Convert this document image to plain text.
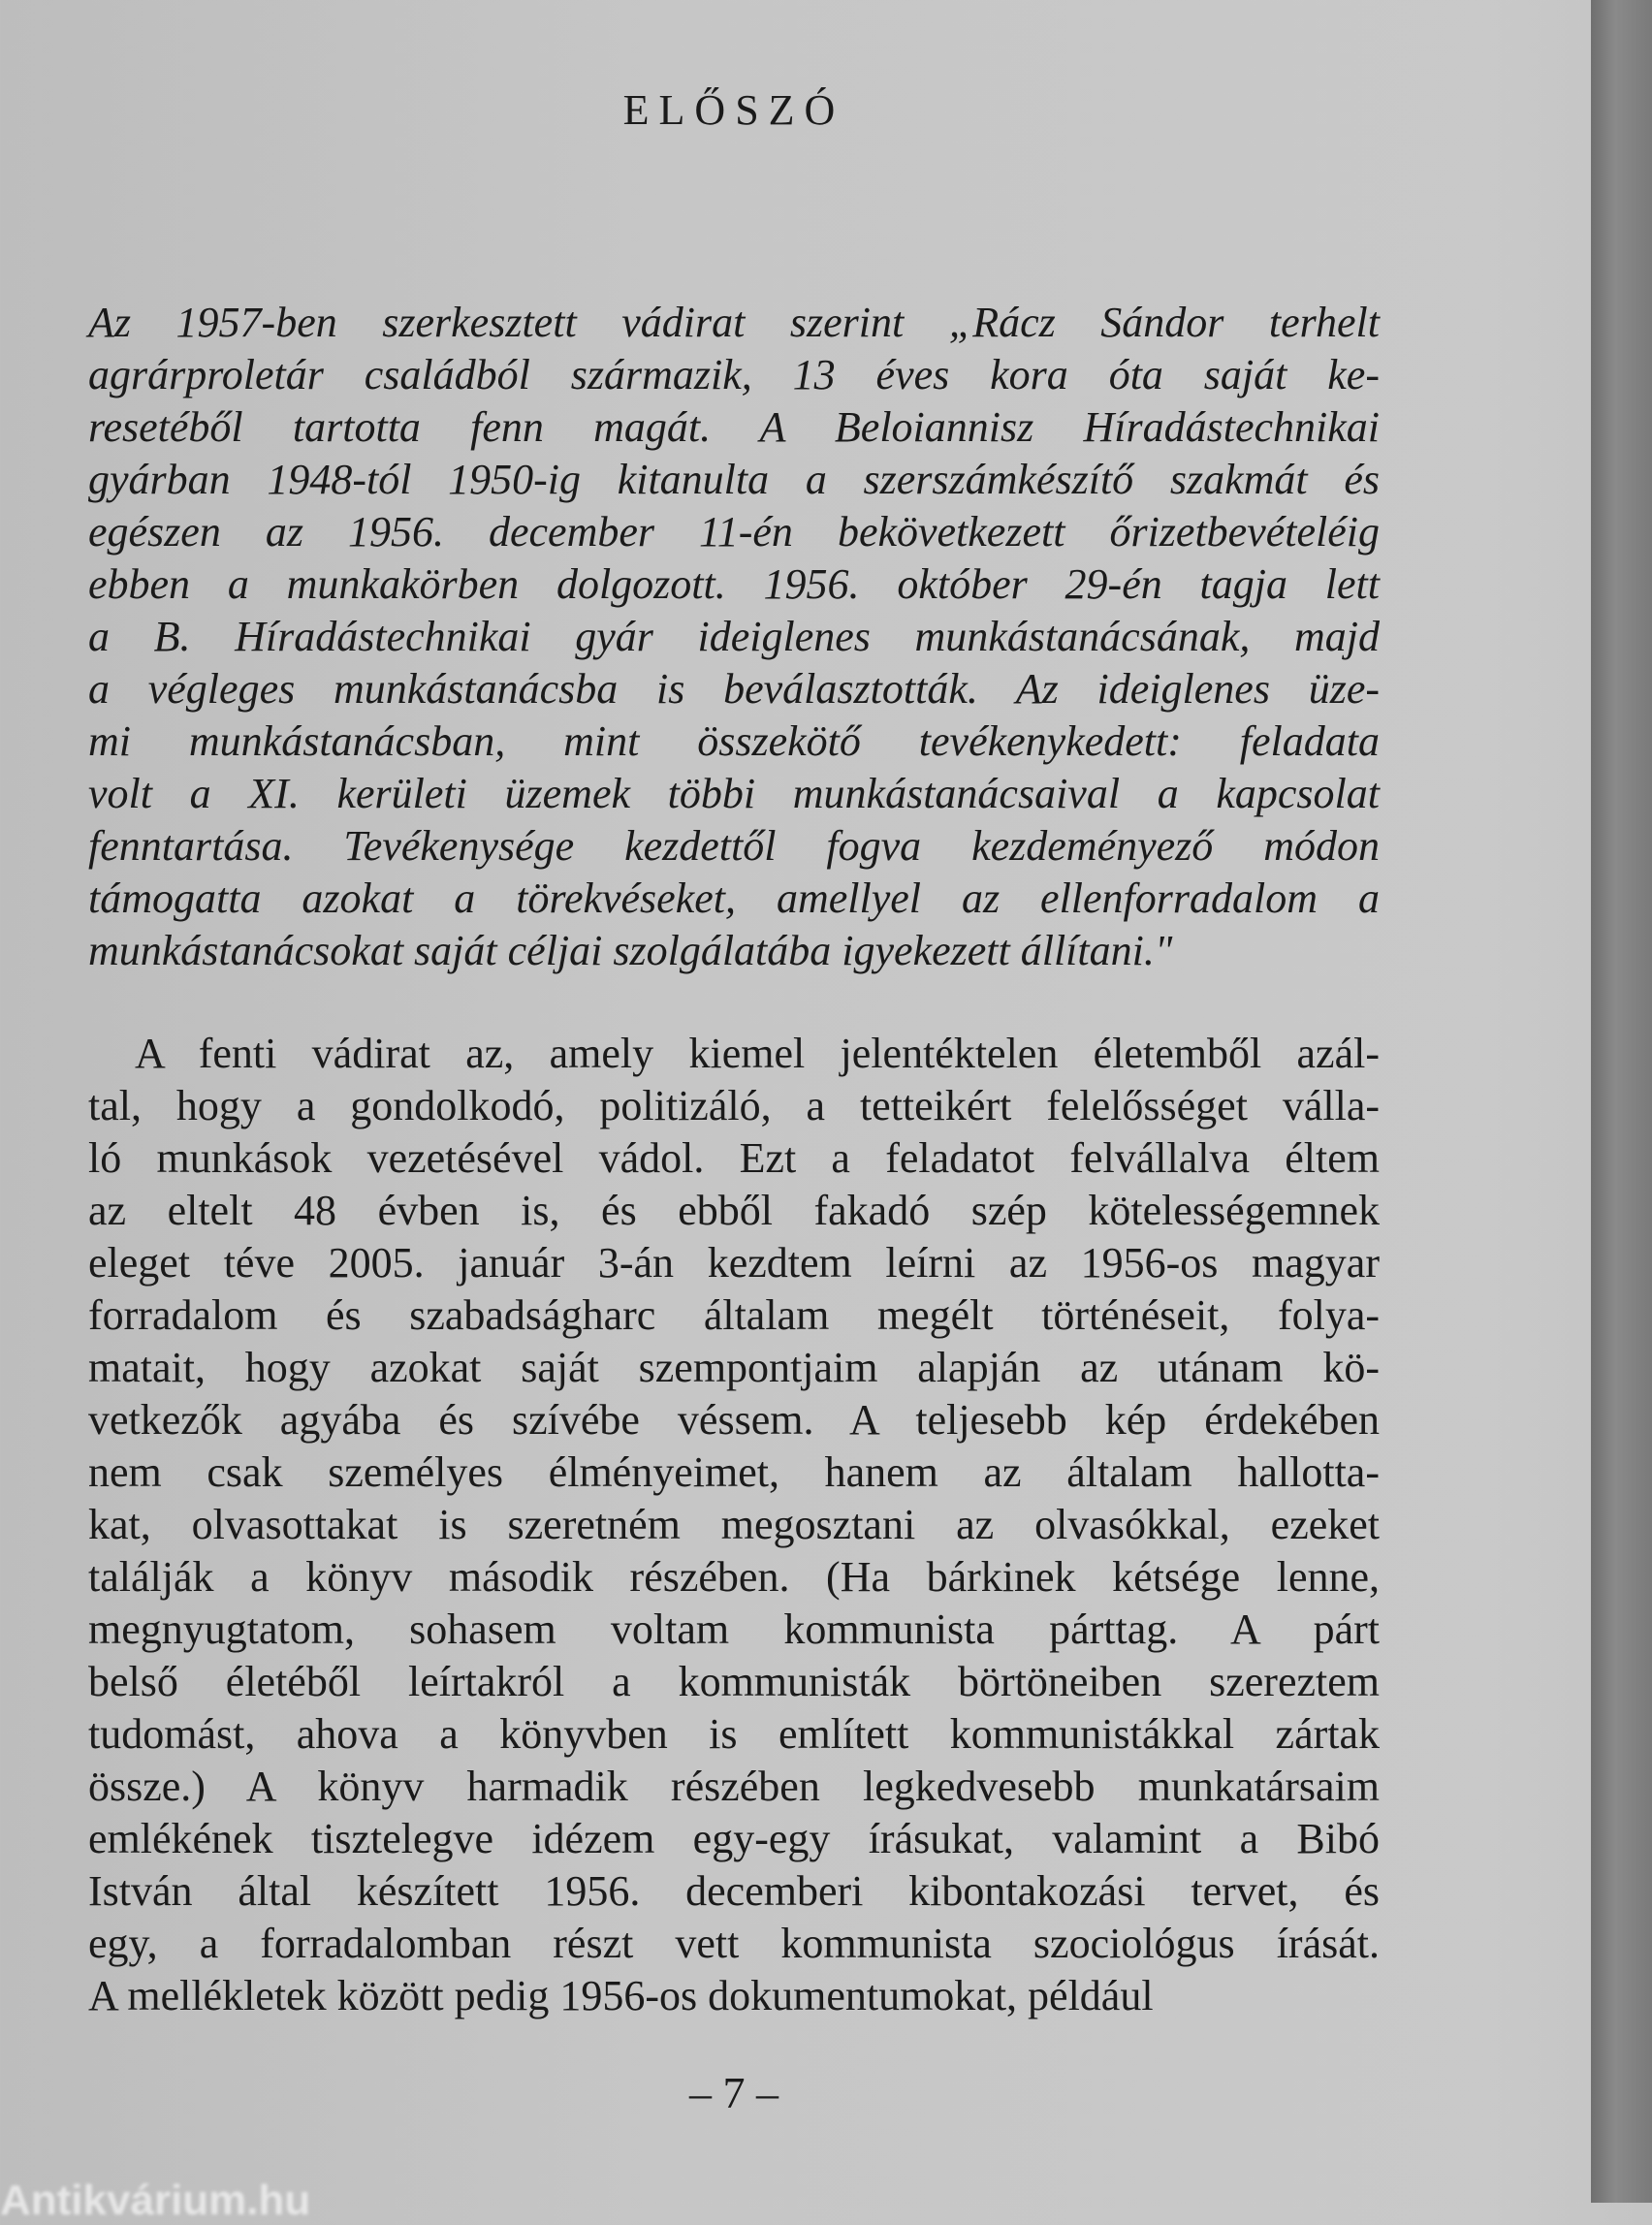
ELŐSZÓ
Az 1957-ben szerkesztett vádirat szerint „Rácz Sándor terhelt
agrárproletár családból származik, 13 éves kora óta saját ke-
resetéből tartotta fenn magát. A Beloiannisz Híradástechnikai
gyárban 1948-tól 1950-ig kitanulta a szerszámkészítő szakmát és
egészen az 1956. december 11-én bekövetkezett őrizetbevételéig
ebben a munkakörben dolgozott. 1956. október 29-én tagja lett
a B. Híradástechnikai gyár ideiglenes munkástanácsának, majd
a végleges munkástanácsba is beválasztották. Az ideiglenes üze-
mi munkástanácsban, mint összekötő tevékenykedett: feladata
volt a XI. kerületi üzemek többi munkástanácsaival a kapcsolat
fenntartása. Tevékenysége kezdettől fogva kezdeményező módon
támogatta azokat a törekvéseket, amellyel az ellenforradalom a
munkástanácsokat saját céljai szolgálatába igyekezett állítani."
A fenti vádirat az, amely kiemel jelentéktelen életemből azál-
tal, hogy a gondolkodó, politizáló, a tetteikért felelősséget válla-
ló munkások vezetésével vádol. Ezt a feladatot felvállalva éltem
az eltelt 48 évben is, és ebből fakadó szép kötelességemnek
eleget téve 2005. január 3-án kezdtem leírni az 1956-os magyar
forradalom és szabadságharc általam megélt történéseit, folya-
matait, hogy azokat saját szempontjaim alapján az utánam kö-
vetkezők agyába és szívébe véssem. A teljesebb kép érdekében
nem csak személyes élményeimet, hanem az általam hallotta-
kat, olvasottakat is szeretném megosztani az olvasókkal, ezeket
találják a könyv második részében. (Ha bárkinek kétsége lenne,
megnyugtatom, sohasem voltam kommunista párttag. A párt
belső életéből leírtakról a kommunisták börtöneiben szereztem
tudomást, ahova a könyvben is említett kommunistákkal zártak
össze.) A könyv harmadik részében legkedvesebb munkatársaim
emlékének tisztelegve idézem egy-egy írásukat, valamint a Bibó
István által készített 1956. decemberi kibontakozási tervet, és
egy, a forradalomban részt vett kommunista szociológus írását.
A mellékletek között pedig 1956-os dokumentumokat, például
– 7 –
Antikvárium.hu
